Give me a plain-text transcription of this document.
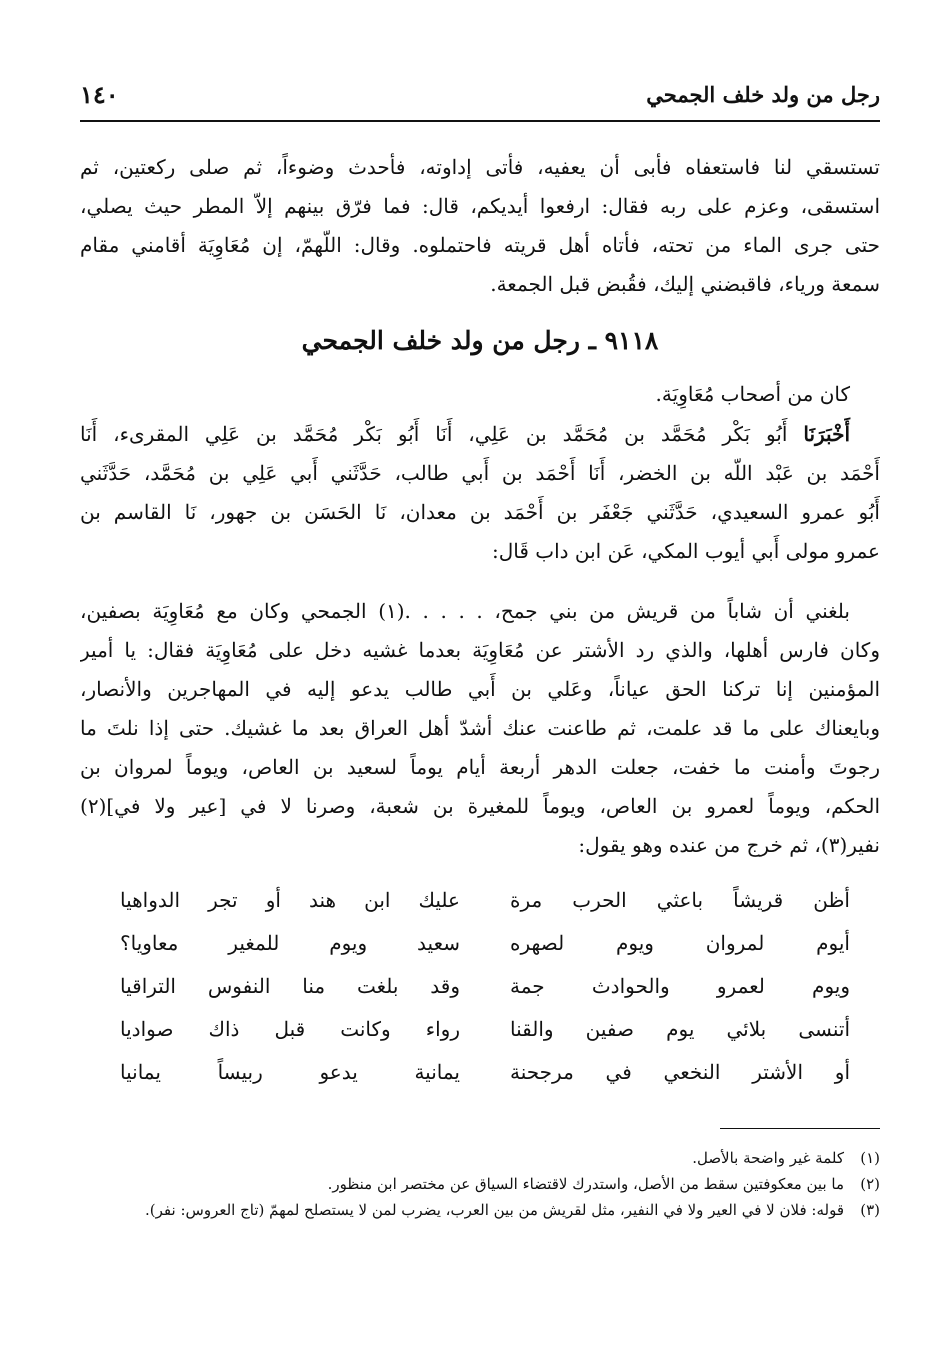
رجل من ولد خلف الجمحي
١٤٠
تستسقي لنا فاستعفاه فأبى أن يعفيه، فأتى إداوته، فأحدث وضوءاً، ثم صلى ركعتين، ثم
استسقى، وعزم على ربه فقال: ارفعوا أيديكم، قال: فما فرّق بينهم إلاّ المطر حيث يصلي،
حتى جرى الماء من تحته، فأتاه أهل قريته فاحتملوه. وقال: اللّهمّ، إن مُعَاوِيَة أقامني مقام
سمعة ورياء، فاقبضني إليك، فقُبض قبل الجمعة.
٩١١٨ ـ رجل من ولد خلف الجمحي
كان من أصحاب مُعَاوِيَة.
أَخْبَرَنَا أَبُو بَكْر مُحَمَّد بن مُحَمَّد بن عَلِي، أَنَا أَبُو بَكْر مُحَمَّد بن عَلِي المقرىء، أَنَا
أَحْمَد بن عَبْد اللّه بن الخضر، أَنَا أَحْمَد بن أَبي طالب، حَدَّثَني أَبي عَلِي بن مُحَمَّد، حَدَّثَني
أَبُو عمرو السعيدي، حَدَّثَني جَعْفَر بن أَحْمَد بن معدان، نَا الحَسَن بن جهور، نَا القاسم بن
عمرو مولى أَبي أيوب المكي، عَن ابن داب قَال:
بلغني أن شاباً من قريش من بني جمح، . . . . .(١) الجمحي وكان مع مُعَاوِيَة بصفين،
وكان فارس أهلها، والذي رد الأشتر عن مُعَاوِيَة بعدما غشيه دخل على مُعَاوِيَة فقال: يا أمير
المؤمنين إنا تركنا الحق عياناً، وعَلي بن أَبي طالب يدعو إليه في المهاجرين والأنصار،
وبايعناك على ما قد علمت، ثم طاعنت عنك أشدّ أهل العراق بعد ما غشيك. حتى إذا نلتَ ما
رجوتَ وأمنت ما خفت، جعلت الدهر أربعة أيام يوماً لسعيد بن العاص، ويوماً لمروان بن
الحكم، ويوماً لعمرو بن العاص، ويوماً للمغيرة بن شعبة، وصرنا لا في [عير ولا في](٢)
نفير(٣)، ثم خرج من عنده وهو يقول:
أظن قريشاً باعثي الحرب مرة
عليك ابن هند أو تجر الدواهيا
أيوم لمروان ويوم لصهره
سعيد ويوم للمغير معاويا؟
ويوم لعمرو والحوادث جمة
وقد بلغت منا النفوس التراقيا
أتنسى بلائي يوم صفين والقنا
رواء وكانت قبل ذاك صواديا
أو الأشتر النخعي في مرجحنة
يمانية يدعو ربيساً يمانيا
(١)
كلمة غير واضحة بالأصل.
(٢)
ما بين معكوفتين سقط من الأصل، واستدرك لاقتضاء السياق عن مختصر ابن منظور.
(٣)
قوله: فلان لا في العير ولا في النفير، مثل لقريش من بين العرب، يضرب لمن لا يستصلح لمهمّ (تاج العروس: نفر).
